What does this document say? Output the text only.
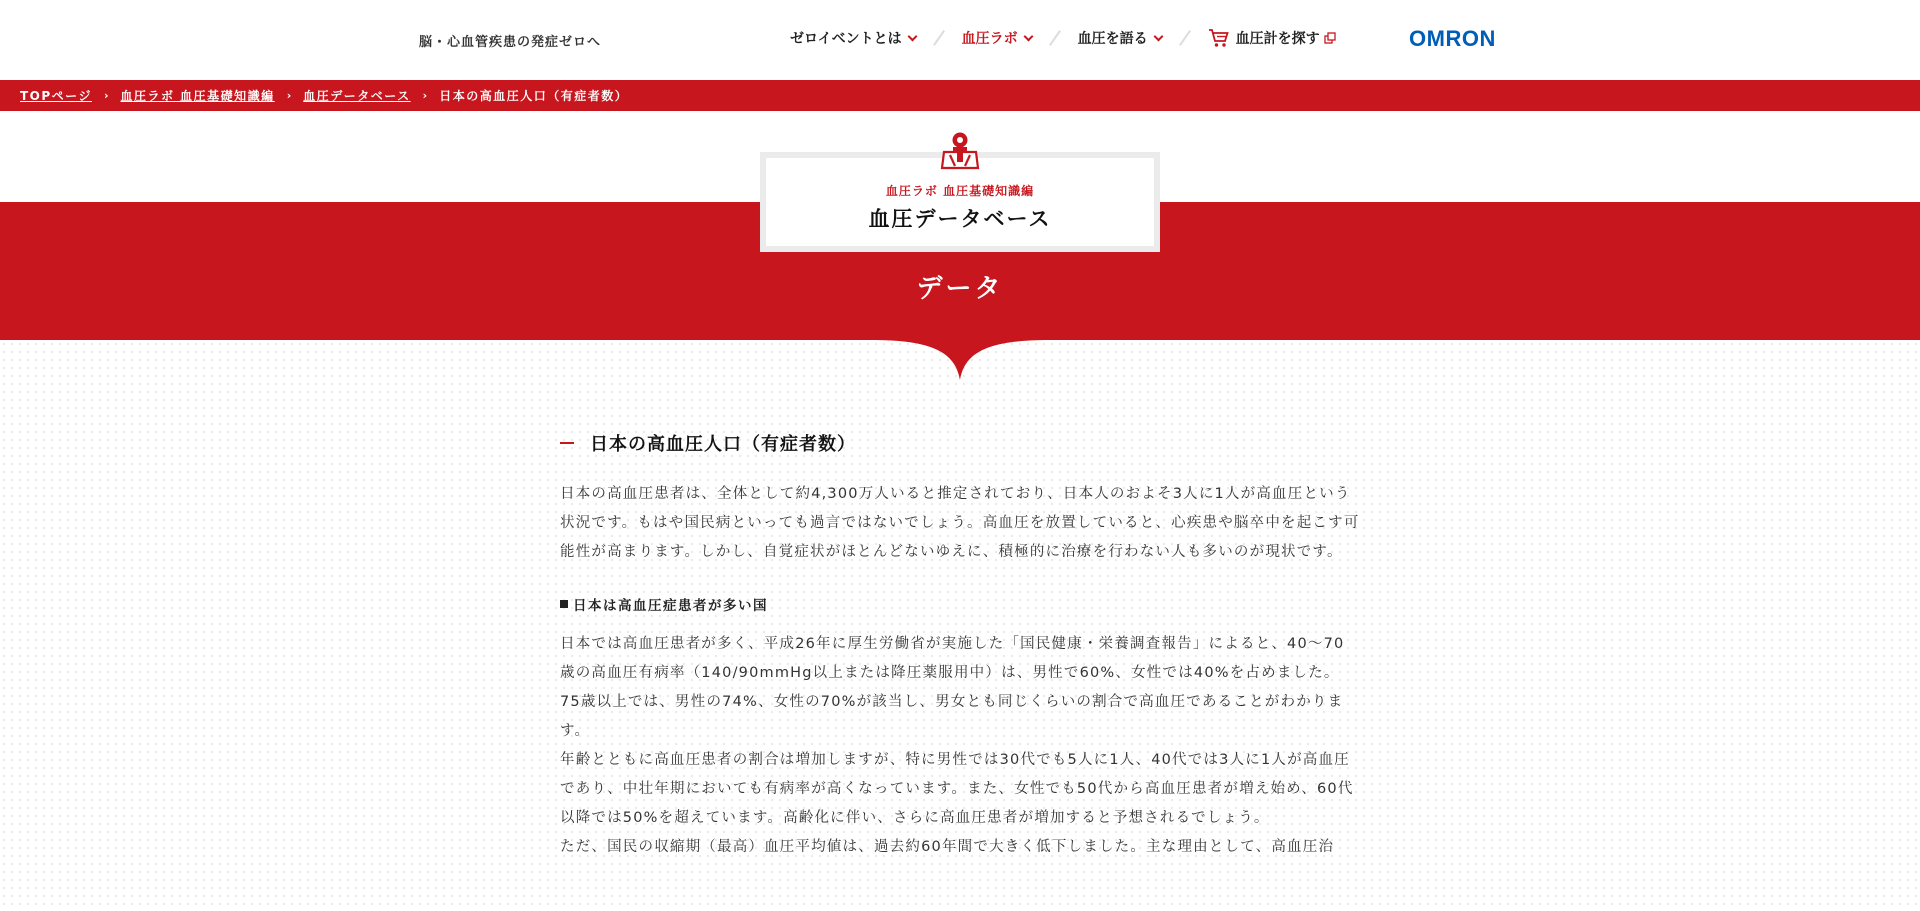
脳・心血管疾患の発症ゼロへ	ゼロイベントとは	血圧ラボ	血圧を語る	血圧計を探す	OMRON
TOPページ › 血圧ラボ 血圧基礎知識編 › 血圧データベース › 日本の高血圧人口（有症者数）
血圧ラボ 血圧基礎知識編
血圧データベース
データ
日本の高血圧人口（有症者数）

日本の高血圧患者は、全体として約4,300万人いると推定されており、日本人のおよそ3人に1人が高血圧という状況です。もはや国民病といっても過言ではないでしょう。高血圧を放置していると、心疾患や脳卒中を起こす可能性が高まります。しかし、自覚症状がほとんどないゆえに、積極的に治療を行わない人も多いのが現状です。

日本は高血圧症患者が多い国

日本では高血圧患者が多く、平成26年に厚生労働省が実施した「国民健康・栄養調査報告」によると、40～70歳の高血圧有病率（140/90mmHg以上または降圧薬服用中）は、男性で60%、女性では40%を占めました。75歳以上では、男性の74%、女性の70%が該当し、男女とも同じくらいの割合で高血圧であることがわかります。

年齢とともに高血圧患者の割合は増加しますが、特に男性では30代でも5人に1人、40代では3人に1人が高血圧であり、中壮年期においても有病率が高くなっています。また、女性でも50代から高血圧患者が増え始め、60代以降では50%を超えています。高齢化に伴い、さらに高血圧患者が増加すると予想されるでしょう。

ただ、国民の収縮期（最高）血圧平均値は、過去約60年間で大きく低下しました。主な理由として、高血圧治
